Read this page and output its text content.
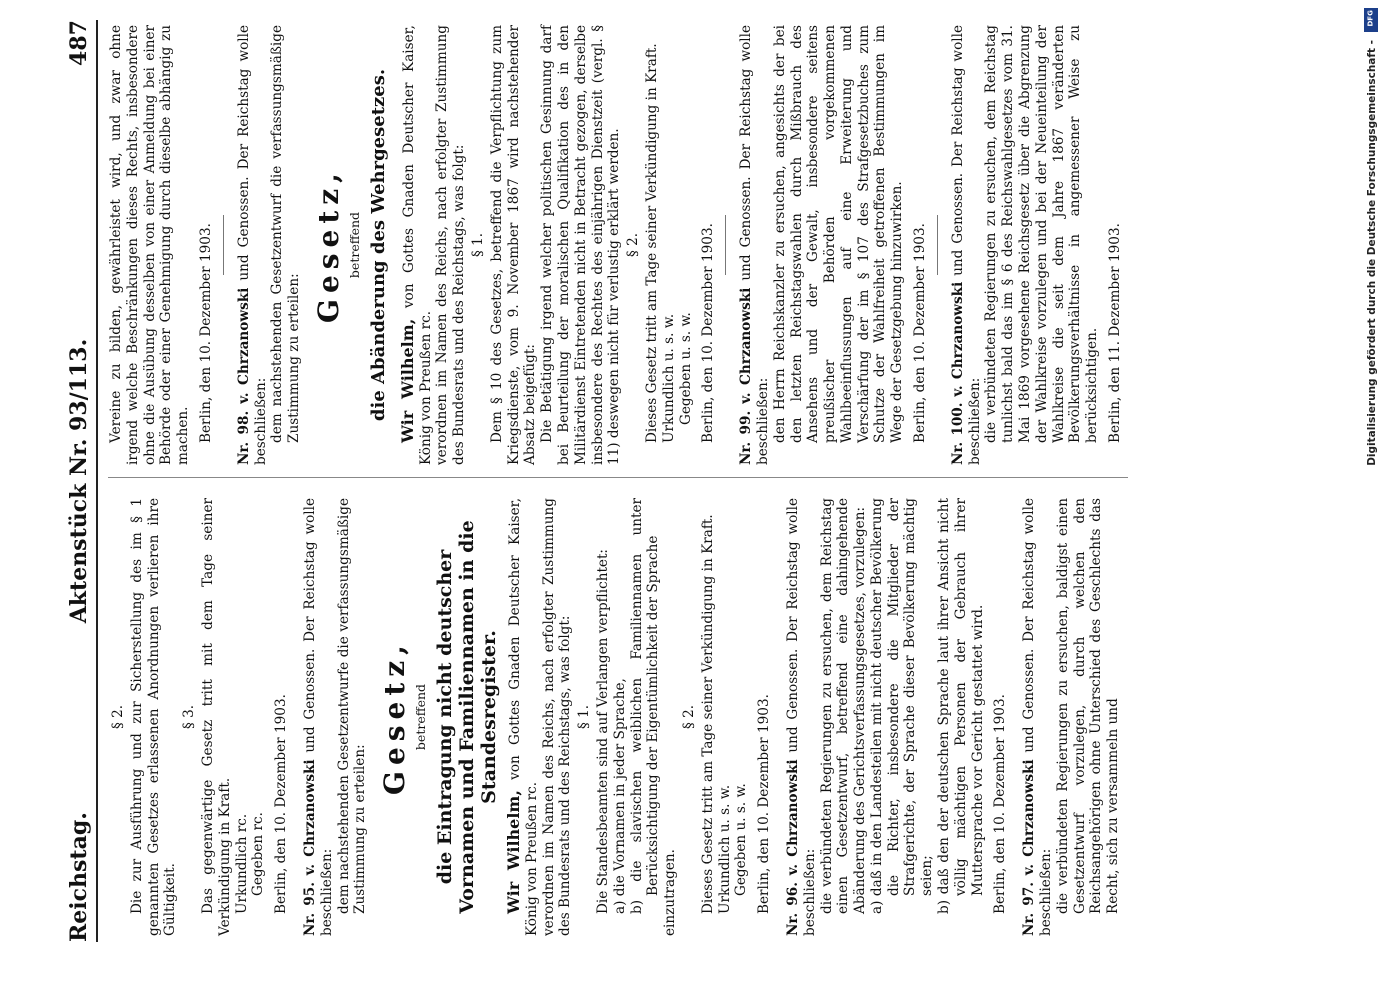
Reichstag.
Aktenstück Nr. 93/113.
487

§ 2. Die zur Ausführung und zur Sicherstellung des im § 1 genannten Gesetzes erlassenen Anordnungen verlieren ihre Gültigkeit.

§ 3. Das gegenwärtige Gesetz tritt mit dem Tage seiner Verkündigung in Kraft. Urkundlich rc. Gegeben rc. Berlin, den 10. Dezember 1903. Nr. 95. v. Chrzanowski und Genossen. Der Reichstag wolle beschließen: dem nachstehenden Gesetzentwurfe die verfassungsmäßige Zustimmung zu erteilen:

Gesetz, betreffend die Eintragung nicht deutscher Vornamen und Familiennamen in die Standesregister.

Wir Wilhelm, von Gottes Gnaden Deutscher Kaiser, König von Preußen rc. verordnen im Namen des Reichs, nach erfolgter Zustimmung des Bundesrats und des Reichstags, was folgt: § 1. Die Standesbeamten sind auf Verlangen verpflichtet: a) die Vornamen in jeder Sprache, b) die slavischen weiblichen Familiennamen unter Berücksichtigung der Eigentümlichkeit der Sprache einzutragen.

§ 2. Dieses Gesetz tritt am Tage seiner Verkündigung in Kraft. Urkundlich u. s. w. Gegeben u. s. w. Berlin, den 10. Dezember 1903. Nr. 96. v. Chrzanowski und Genossen. Der Reichstag wolle beschließen: die verbündeten Regierungen zu ersuchen, dem Reichstag einen Gesetzentwurf, betreffend eine dahingehende Abänderung des Gerichtsverfassungsgesetzes, vorzulegen: a) daß in den Landesteilen mit nicht deutscher Bevölkerung die Richter, insbesondere die Mitglieder der Strafgerichte, der Sprache dieser Bevölkerung mächtig seien; b) daß den der deutschen Sprache laut ihrer Ansicht nicht völlig mächtigen Personen der Gebrauch ihrer Muttersprache vor Gericht gestattet wird. Berlin, den 10. Dezember 1903. Nr. 97. v. Chrzanowski und Genossen. Der Reichstag wolle beschließen: die verbündeten Regierungen zu ersuchen, baldigst einen Gesetzentwurf vorzulegen, durch welchen den Reichsangehörigen ohne Unterschied des Geschlechts das Recht, sich zu versammeln und

Vereine zu bilden, gewährleistet wird, und zwar ohne irgend welche Beschränkungen dieses Rechts, insbesondere ohne die Ausübung desselben von einer Anmeldung bei einer Behörde oder einer Genehmigung durch dieselbe abhängig zu machen. Berlin, den 10. Dezember 1903. Nr. 98. v. Chrzanowski und Genossen. Der Reichstag wolle beschließen: dem nachstehenden Gesetzentwurf die verfassungsmäßige Zustimmung zu erteilen:

Gesetz, betreffend die Abänderung des Wehrgesetzes. Wir Wilhelm, von Gottes Gnaden Deutscher Kaiser, König von Preußen rc. verordnen im Namen des Reichs, nach erfolgter Zustimmung des Bundesrats und des Reichstags, was folgt: § 1. Dem § 10 des Gesetzes, betreffend die Verpflichtung zum Kriegsdienste, vom 9. November 1867 wird nachstehender Absatz beigefügt: Die Betätigung irgend welcher politischen Gesinnung darf bei Beurteilung der moralischen Qualifikation des in den Militärdienst Eintretenden nicht in Betracht gezogen, derselbe insbesondere des Rechtes des einjährigen Dienstzeit (vergl. § 11) deswegen nicht für verlustig erklärt werden. § 2. Dieses Gesetz tritt am Tage seiner Verkündigung in Kraft. Urkundlich u. s. w. Gegeben u. s. w. Berlin, den 10. Dezember 1903. Nr. 99. v. Chrzanowski und Genossen. Der Reichstag wolle beschließen: den Herrn Reichskanzler zu ersuchen, angesichts der bei den letzten Reichstagswahlen durch Mißbrauch des Ansehens und der Gewalt, insbesondere seitens preußischer Behörden vorgekommenen Wahlbeeinflussungen auf eine Erweiterung und Verschärfung der im § 107 des Strafgesetzbuches zum Schutze der Wahlfreiheit getroffenen Bestimmungen im Wege der Gesetzgebung hinzuwirken. Berlin, den 10. Dezember 1903. Nr. 100. v. Chrzanowski und Genossen. Der Reichstag wolle beschließen: die verbündeten Regierungen zu ersuchen, dem Reichstag tunlichst bald das im § 6 des Reichswahlgesetzes vom 31. Mai 1869 vorgesehene Reichsgesetz über die Abgrenzung der Wahlkreise vorzulegen und bei der Neueinteilung der Wahlkreise die seit dem Jahre 1867 veränderten Bevölkerungsverhältnisse in angemessener Weise zu berücksichtigen. Berlin, den 11. Dezember 1903.

DFG
Digitalisierung gefördert durch die Deutsche Forschungsgemeinschaft -
